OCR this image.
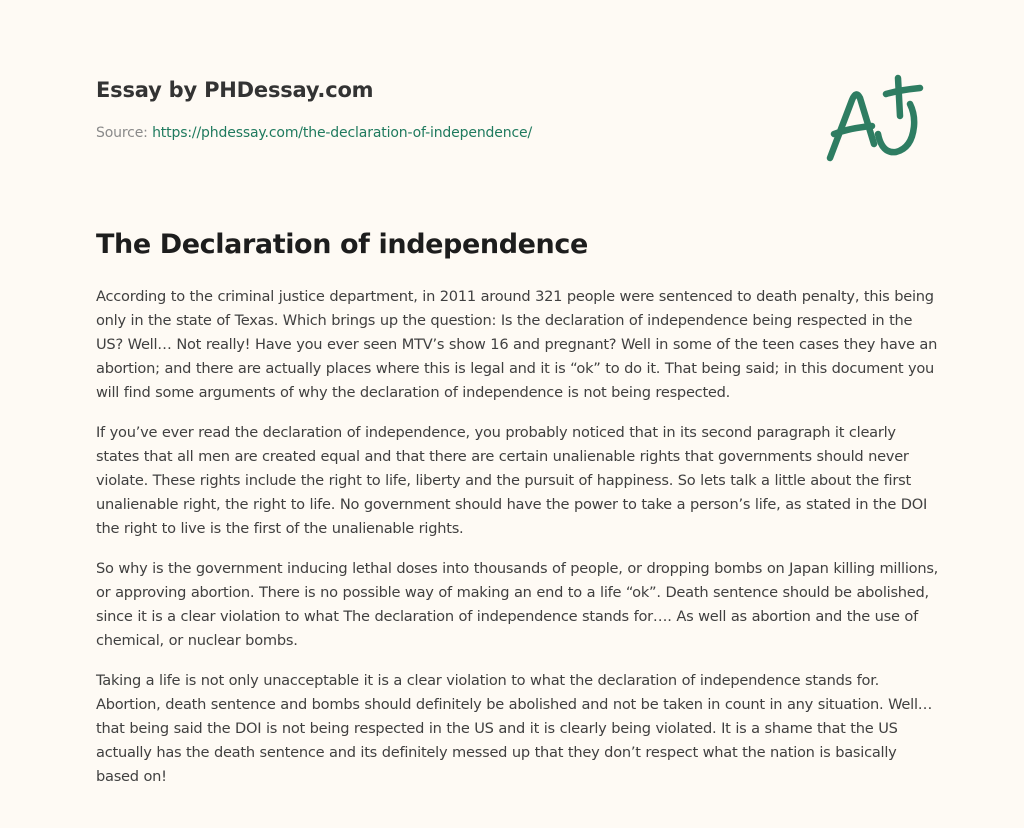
Essay by PHDessay.com
Source: https://phdessay.com/the-declaration-of-independence/
The Declaration of independence

According to the criminal justice department, in 2011 around 321 people were sentenced to death penalty, this being only in the state of Texas. Which brings up the question: Is the declaration of independence being respected in the US? Well… Not really! Have you ever seen MTV’s show 16 and pregnant? Well in some of the teen cases they have an abortion; and there are actually places where this is legal and it is “ok” to do it. That being said; in this document you will find some arguments of why the declaration of independence is not being respected.

If you’ve ever read the declaration of independence, you probably noticed that in its second paragraph it clearly states that all men are created equal and that there are certain unalienable rights that governments should never violate. These rights include the right to life, liberty and the pursuit of happiness. So lets talk a little about the first unalienable right, the right to life. No government should have the power to take a person’s life, as stated in the DOI the right to live is the first of the unalienable rights.

So why is the government inducing lethal doses into thousands of people, or dropping bombs on Japan killing millions, or approving abortion. There is no possible way of making an end to a life “ok”. Death sentence should be abolished, since it is a clear violation to what The declaration of independence stands for…. As well as abortion and the use of chemical, or nuclear bombs.

Taking a life is not only unacceptable it is a clear violation to what the declaration of independence stands for. Abortion, death sentence and bombs should definitely be abolished and not be taken in count in any situation. Well… that being said the DOI is not being respected in the US and it is clearly being violated. It is a shame that the US actually has the death sentence and its definitely messed up that they don’t respect what the nation is basically based on!
